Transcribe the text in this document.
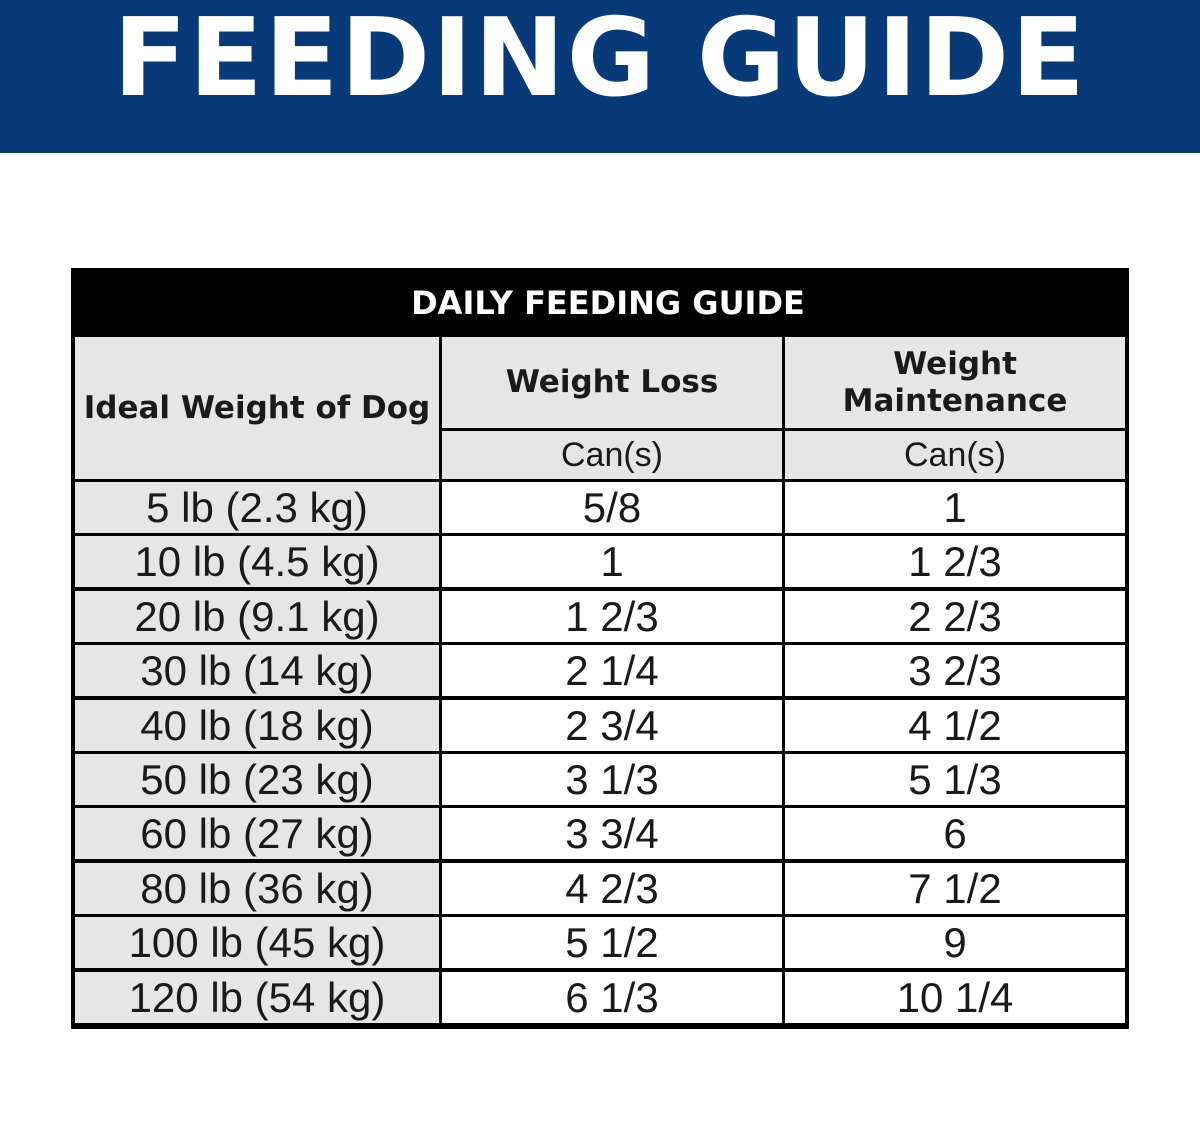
FEEDING GUIDE
DAILY FEEDING GUIDE
Ideal Weight of Dog
Weight Loss
Weight Maintenance
Can(s)	Can(s)
5 lb (2.3 kg)	5/8	1
10 lb (4.5 kg)	1	1 2/3
20 lb (9.1 kg)	1 2/3	2 2/3
30 lb (14 kg)	2 1/4	3 2/3
40 lb (18 kg)	2 3/4	4 1/2
50 lb (23 kg)	3 1/3	5 1/3
60 lb (27 kg)	3 3/4	6
80 lb (36 kg)	4 2/3	7 1/2
100 lb (45 kg)	5 1/2	9
120 lb (54 kg)	6 1/3	10 1/4
